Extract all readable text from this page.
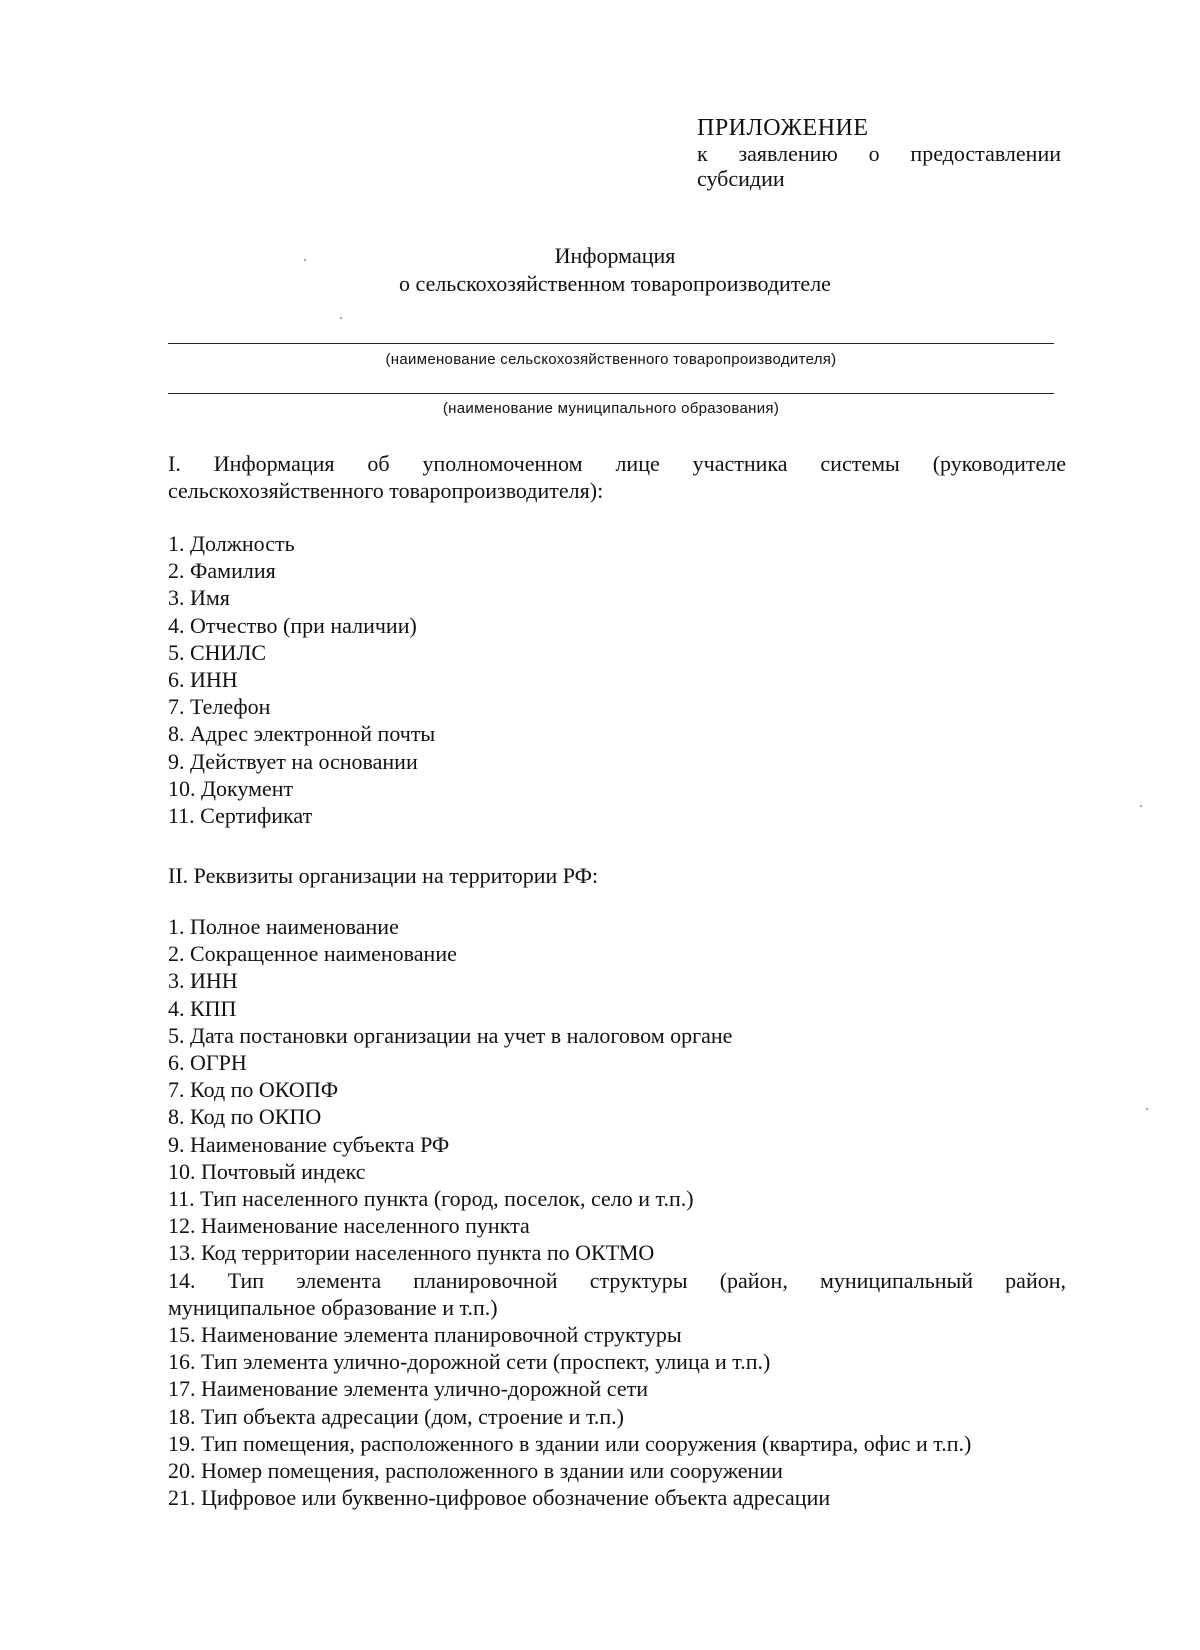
ПРИЛОЖЕНИЕ
к заявлению о предоставлении
субсидии
Информация
о сельскохозяйственном товаропроизводителе
(наименование сельскохозяйственного товаропроизводителя)
(наименование муниципального образования)
I. Информация об уполномоченном лице участника системы (руководителе
сельскохозяйственного товаропроизводителя):
1. Должность
2. Фамилия
3. Имя
4. Отчество (при наличии)
5. СНИЛС
6. ИНН
7. Телефон
8. Адрес электронной почты
9. Действует на основании
10. Документ
11. Сертификат
II. Реквизиты организации на территории РФ:
1. Полное наименование
2. Сокращенное наименование
3. ИНН
4. КПП
5. Дата постановки организации на учет в налоговом органе
6. ОГРН
7. Код по ОКОПФ
8. Код по ОКПО
9. Наименование субъекта РФ
10. Почтовый индекс
11. Тип населенного пункта (город, поселок, село и т.п.)
12. Наименование населенного пункта
13. Код территории населенного пункта по ОКТМО
14. Тип элемента планировочной структуры (район, муниципальный район,
муниципальное образование и т.п.)
15. Наименование элемента планировочной структуры
16. Тип элемента улично-дорожной сети (проспект, улица и т.п.)
17. Наименование элемента улично-дорожной сети
18. Тип объекта адресации (дом, строение и т.п.)
19. Тип помещения, расположенного в здании или сооружения (квартира, офис и т.п.)
20. Номер помещения, расположенного в здании или сооружении
21. Цифровое или буквенно-цифровое обозначение объекта адресации
